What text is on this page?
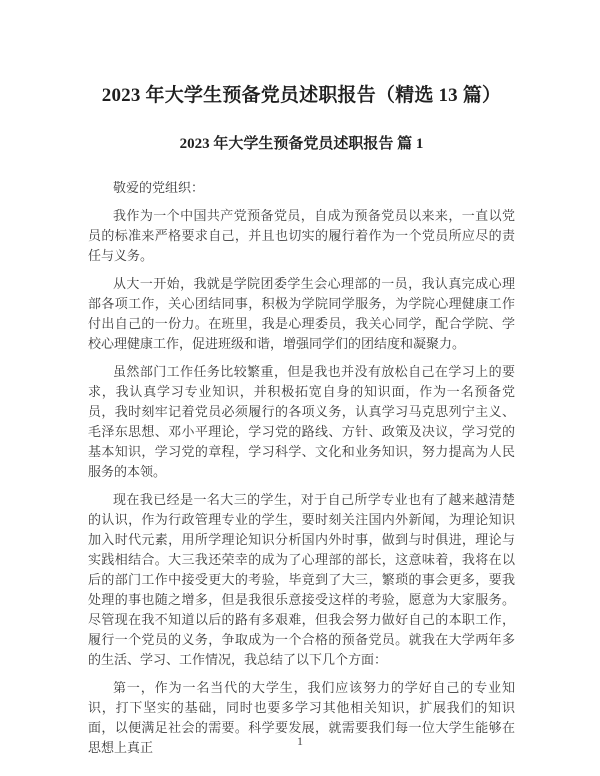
2023 年大学生预备党员述职报告（精选 13 篇）
2023 年大学生预备党员述职报告 篇 1

敬爱的党组织：

我作为一个中国共产党预备党员，自成为预备党员以来来，一直以党员的标准来严格要求自己，并且也切实的履行着作为一个党员所应尽的责任与义务。

从大一开始，我就是学院团委学生会心理部的一员，我认真完成心理部各项工作，关心团结同事，积极为学院同学服务，为学院心理健康工作付出自己的一份力。在班里，我是心理委员，我关心同学，配合学院、学校心理健康工作，促进班级和谐，增强同学们的团结度和凝聚力。

虽然部门工作任务比较繁重，但是我也并没有放松自己在学习上的要求，我认真学习专业知识，并积极拓宽自身的知识面，作为一名预备党员，我时刻牢记着党员必须履行的各项义务，认真学习马克思列宁主义、毛泽东思想、邓小平理论，学习党的路线、方针、政策及决议，学习党的基本知识，学习党的章程，学习科学、文化和业务知识，努力提高为人民服务的本领。

现在我已经是一名大三的学生，对于自己所学专业也有了越来越清楚的认识，作为行政管理专业的学生，要时刻关注国内外新闻，为理论知识加入时代元素，用所学理论知识分析国内外时事，做到与时俱进，理论与实践相结合。大三我还荣幸的成为了心理部的部长，这意味着，我将在以后的部门工作中接受更大的考验，毕竟到了大三，繁琐的事会更多，要我处理的事也随之增多，但是我很乐意接受这样的考验，愿意为大家服务。尽管现在我不知道以后的路有多艰难，但我会努力做好自己的本职工作，履行一个党员的义务，争取成为一个合格的预备党员。就我在大学两年多的生活、学习、工作情况，我总结了以下几个方面：

第一，作为一名当代的大学生，我们应该努力的学好自己的专业知识，打下坚实的基础，同时也要多学习其他相关知识，扩展我们的知识面，以便满足社会的需要。科学要发展，就需要我们每一位大学生能够在思想上真正	1
